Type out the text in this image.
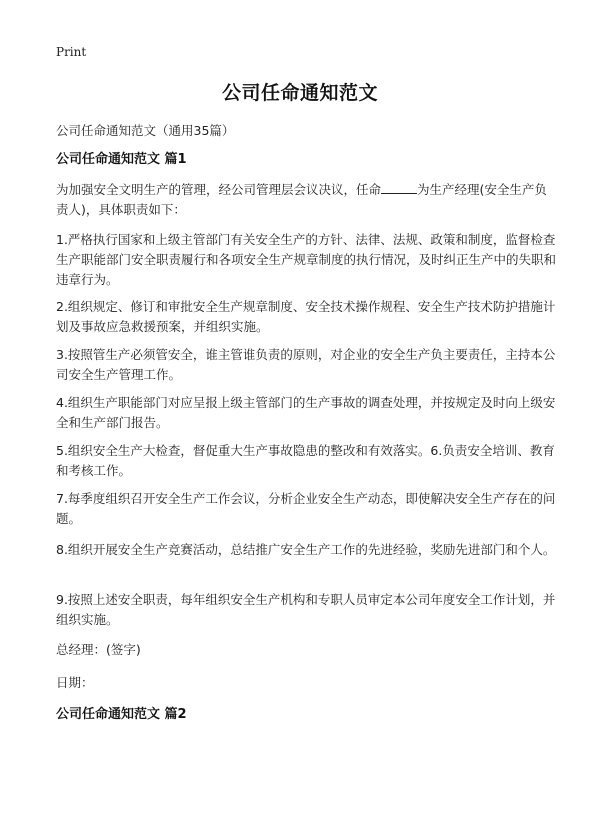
Print
公司任命通知范文
公司任命通知范文（通用35篇）
公司任命通知范文 篇1
为加强安全文明生产的管理，经公司管理层会议决议，任命	为生产经理(安全生产负责人)，具体职责如下：
1.严格执行国家和上级主管部门有关安全生产的方针、法律、法规、政策和制度，监督检查生产职能部门安全职责履行和各项安全生产规章制度的执行情况，及时纠正生产中的失职和违章行为。
2.组织规定、修订和审批安全生产规章制度、安全技术操作规程、安全生产技术防护措施计划及事故应急救援预案，并组织实施。
3.按照管生产必须管安全，谁主管谁负责的原则，对企业的安全生产负主要责任，主持本公司安全生产管理工作。
4.组织生产职能部门对应呈报上级主管部门的生产事故的调查处理，并按规定及时向上级安全和生产部门报告。
5.组织安全生产大检查，督促重大生产事故隐患的整改和有效落实。6.负责安全培训、教育和考核工作。
7.每季度组织召开安全生产工作会议，分析企业安全生产动态，即使解决安全生产存在的问题。
8.组织开展安全生产竞赛活动，总结推广安全生产工作的先进经验，奖励先进部门和个人。
9.按照上述安全职责，每年组织安全生产机构和专职人员审定本公司年度安全工作计划，并组织实施。
总经理：(签字)
日期：
公司任命通知范文 篇2
